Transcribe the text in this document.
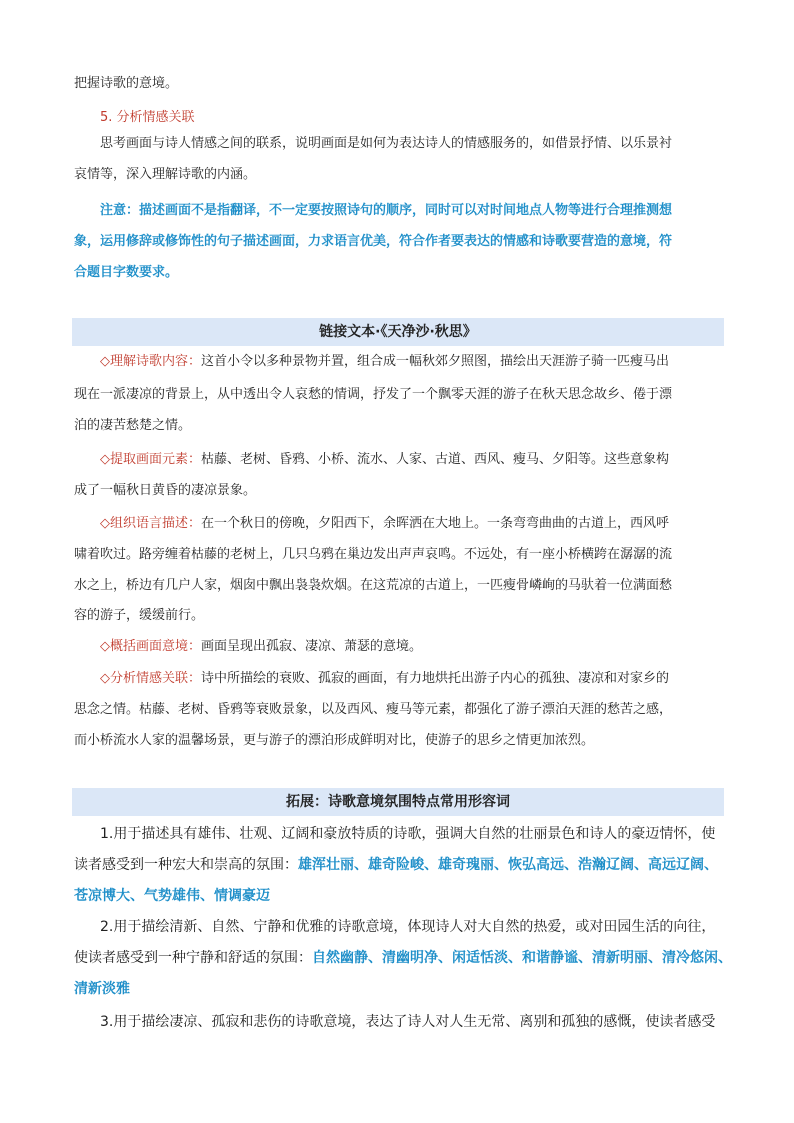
把握诗歌的意境。
5. 分析情感关联
思考画面与诗人情感之间的联系，说明画面是如何为表达诗人的情感服务的，如借景抒情、以乐景衬
哀情等，深入理解诗歌的内涵。
注意：描述画面不是指翻译，不一定要按照诗句的顺序，同时可以对时间地点人物等进行合理推测想
象，运用修辞或修饰性的句子描述画面，力求语言优美，符合作者要表达的情感和诗歌要营造的意境，符
合题目字数要求。
链接文本·《天净沙·秋思》
◇理解诗歌内容：这首小令以多种景物并置，组合成一幅秋郊夕照图，描绘出天涯游子骑一匹瘦马出
现在一派凄凉的背景上，从中透出令人哀愁的情调，抒发了一个飘零天涯的游子在秋天思念故乡、倦于漂
泊的凄苦愁楚之情。
◇提取画面元素：枯藤、老树、昏鸦、小桥、流水、人家、古道、西风、瘦马、夕阳等。这些意象构
成了一幅秋日黄昏的凄凉景象。
◇组织语言描述：在一个秋日的傍晚，夕阳西下，余晖洒在大地上。一条弯弯曲曲的古道上，西风呼
啸着吹过。路旁缠着枯藤的老树上，几只乌鸦在巢边发出声声哀鸣。不远处，有一座小桥横跨在潺潺的流
水之上，桥边有几户人家，烟囱中飘出袅袅炊烟。在这荒凉的古道上，一匹瘦骨嶙峋的马驮着一位满面愁
容的游子，缓缓前行。
◇概括画面意境：画面呈现出孤寂、凄凉、萧瑟的意境。
◇分析情感关联：诗中所描绘的衰败、孤寂的画面，有力地烘托出游子内心的孤独、凄凉和对家乡的
思念之情。枯藤、老树、昏鸦等衰败景象，以及西风、瘦马等元素，都强化了游子漂泊天涯的愁苦之感，
而小桥流水人家的温馨场景，更与游子的漂泊形成鲜明对比，使游子的思乡之情更加浓烈。
拓展：诗歌意境氛围特点常用形容词
1.用于描述具有雄伟、壮观、辽阔和豪放特质的诗歌，强调大自然的壮丽景色和诗人的豪迈情怀，使
读者感受到一种宏大和崇高的氛围：雄浑壮丽、雄奇险峻、雄奇瑰丽、恢弘高远、浩瀚辽阔、高远辽阔、
苍凉博大、气势雄伟、情调豪迈
2.用于描绘清新、自然、宁静和优雅的诗歌意境，体现诗人对大自然的热爱，或对田园生活的向往，
使读者感受到一种宁静和舒适的氛围：自然幽静、清幽明净、闲适恬淡、和谐静谧、清新明丽、清冷悠闲、
清新淡雅
3.用于描绘凄凉、孤寂和悲伤的诗歌意境，表达了诗人对人生无常、离别和孤独的感慨，使读者感受
